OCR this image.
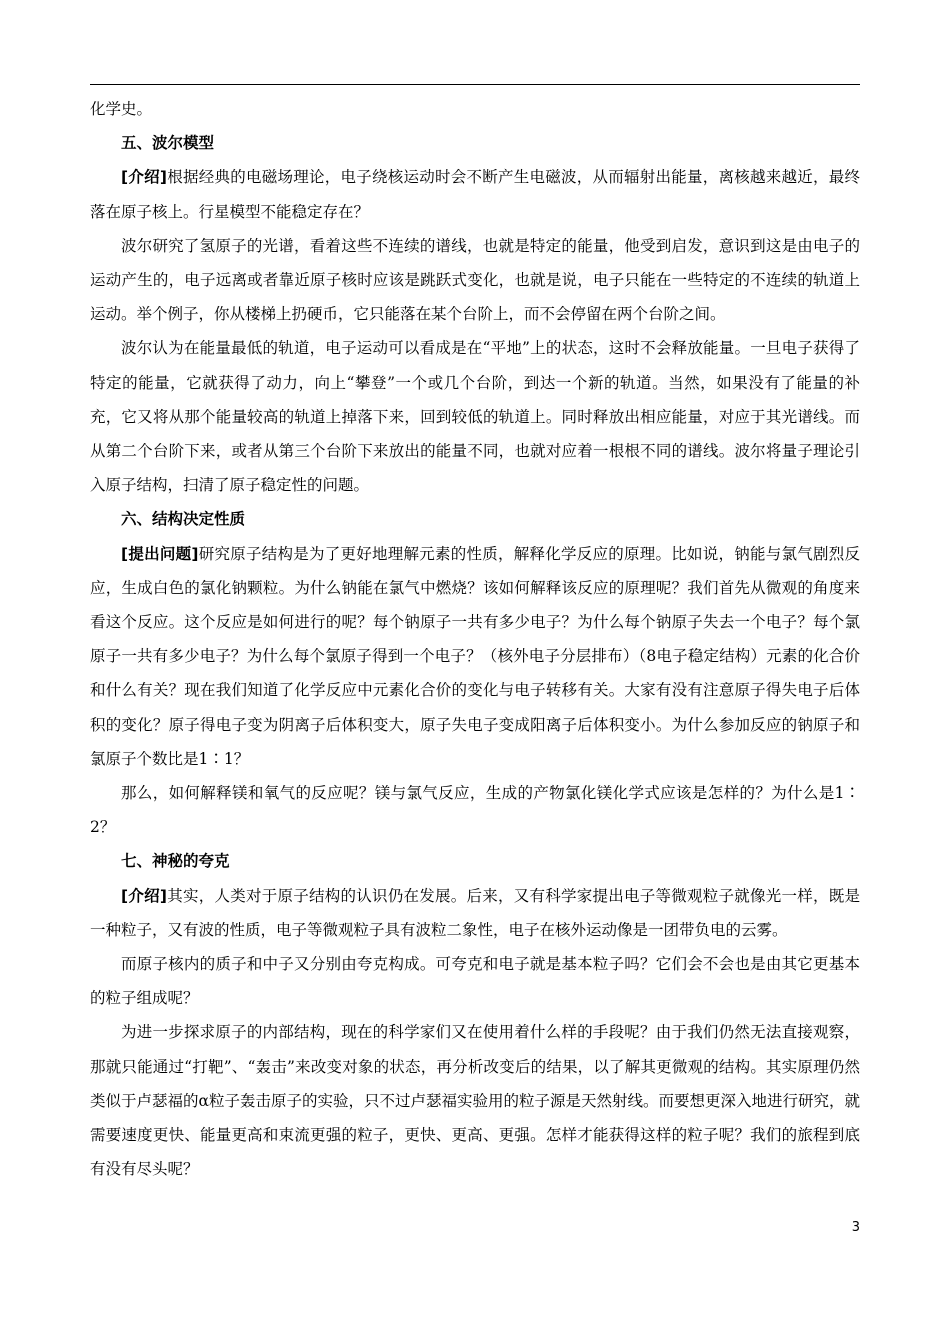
化学史。

五、波尔模型

[介绍]根据经典的电磁场理论，电子绕核运动时会不断产生电磁波，从而辐射出能量，离核越来越近，最终落在原子核上。行星模型不能稳定存在？

波尔研究了氢原子的光谱，看着这些不连续的谱线，也就是特定的能量，他受到启发，意识到这是由电子的运动产生的，电子远离或者靠近原子核时应该是跳跃式变化，也就是说，电子只能在一些特定的不连续的轨道上运动。举个例子，你从楼梯上扔硬币，它只能落在某个台阶上，而不会停留在两个台阶之间。

波尔认为在能量最低的轨道，电子运动可以看成是在“平地”上的状态，这时不会释放能量。一旦电子获得了特定的能量，它就获得了动力，向上“攀登”一个或几个台阶，到达一个新的轨道。当然，如果没有了能量的补充，它又将从那个能量较高的轨道上掉落下来，回到较低的轨道上。同时释放出相应能量，对应于其光谱线。而从第二个台阶下来，或者从第三个台阶下来放出的能量不同，也就对应着一根根不同的谱线。波尔将量子理论引入原子结构，扫清了原子稳定性的问题。

六、结构决定性质

[提出问题]研究原子结构是为了更好地理解元素的性质，解释化学反应的原理。比如说，钠能与氯气剧烈反应，生成白色的氯化钠颗粒。为什么钠能在氯气中燃烧？该如何解释该反应的原理呢？我们首先从微观的角度来看这个反应。这个反应是如何进行的呢？每个钠原子一共有多少电子？为什么每个钠原子失去一个电子？每个氯原子一共有多少电子？为什么每个氯原子得到一个电子？（核外电子分层排布）（8电子稳定结构）元素的化合价和什么有关？现在我们知道了化学反应中元素化合价的变化与电子转移有关。大家有没有注意原子得失电子后体积的变化？原子得电子变为阴离子后体积变大，原子失电子变成阳离子后体积变小。为什么参加反应的钠原子和氯原子个数比是1∶1？

那么，如何解释镁和氧气的反应呢？镁与氯气反应，生成的产物氯化镁化学式应该是怎样的？为什么是1∶2？

七、神秘的夸克

[介绍]其实，人类对于原子结构的认识仍在发展。后来，又有科学家提出电子等微观粒子就像光一样，既是一种粒子，又有波的性质，电子等微观粒子具有波粒二象性，电子在核外运动像是一团带负电的云雾。

而原子核内的质子和中子又分别由夸克构成。可夸克和电子就是基本粒子吗？它们会不会也是由其它更基本的粒子组成呢？

为进一步探求原子的内部结构，现在的科学家们又在使用着什么样的手段呢？由于我们仍然无法直接观察，那就只能通过“打靶”、“轰击”来改变对象的状态，再分析改变后的结果，以了解其更微观的结构。其实原理仍然类似于卢瑟福的α粒子轰击原子的实验，只不过卢瑟福实验用的粒子源是天然射线。而要想更深入地进行研究，就需要速度更快、能量更高和束流更强的粒子，更快、更高、更强。怎样才能获得这样的粒子呢？我们的旅程到底有没有尽头呢？

3
